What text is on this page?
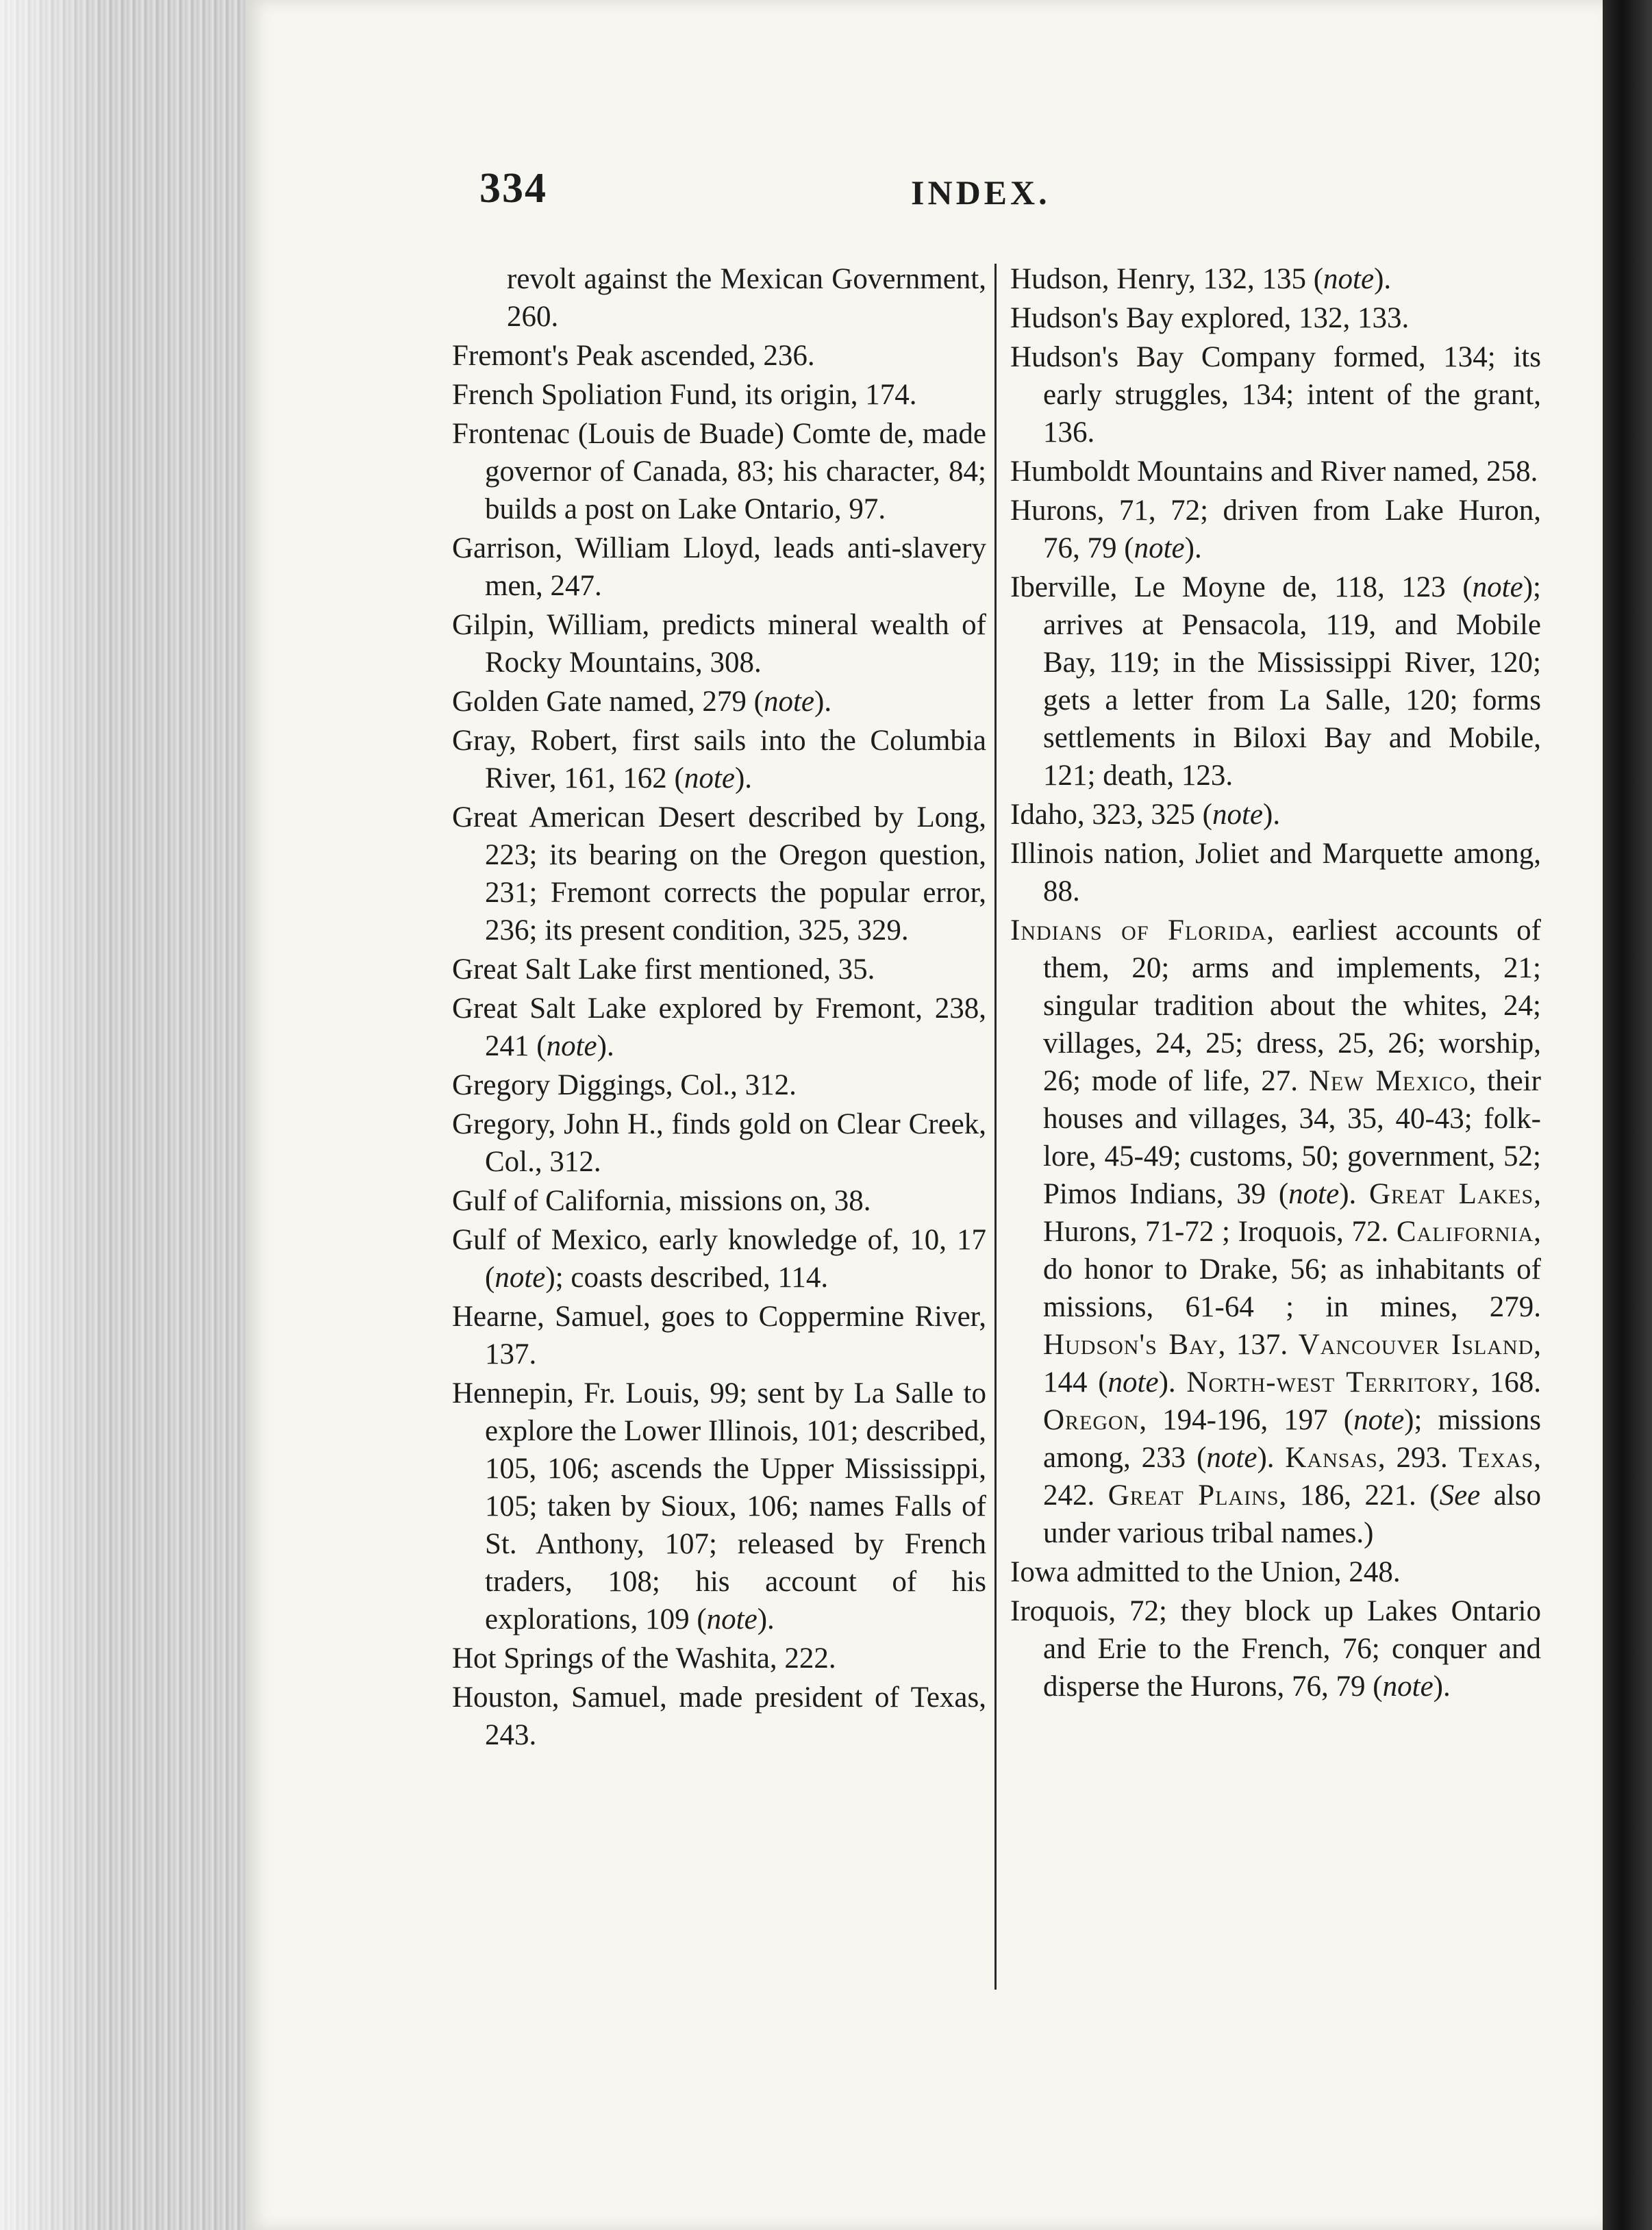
334	INDEX.

revolt against the Mexican Government, 260.

Fremont's Peak ascended, 236.

French Spoliation Fund, its origin, 174.

Frontenac (Louis de Buade) Comte de, made governor of Canada, 83; his character, 84; builds a post on Lake Ontario, 97.

Garrison, William Lloyd, leads anti-slavery men, 247.

Gilpin, William, predicts mineral wealth of Rocky Mountains, 308.

Golden Gate named, 279 (note).

Gray, Robert, first sails into the Columbia River, 161, 162 (note).

Great American Desert described by Long, 223; its bearing on the Oregon question, 231; Fremont corrects the popular error, 236; its present condition, 325, 329.

Great Salt Lake first mentioned, 35.

Great Salt Lake explored by Fremont, 238, 241 (note).

Gregory Diggings, Col., 312.

Gregory, John H., finds gold on Clear Creek, Col., 312.

Gulf of California, missions on, 38.

Gulf of Mexico, early knowledge of, 10, 17 (note); coasts described, 114.

Hearne, Samuel, goes to Coppermine River, 137.

Hennepin, Fr. Louis, 99; sent by La Salle to explore the Lower Illinois, 101; described, 105, 106; ascends the Upper Mississippi, 105; taken by Sioux, 106; names Falls of St. Anthony, 107; released by French traders, 108; his account of his explorations, 109 (note).

Hot Springs of the Washita, 222.

Houston, Samuel, made president of Texas, 243.

Hudson, Henry, 132, 135 (note).

Hudson's Bay explored, 132, 133.

Hudson's Bay Company formed, 134; its early struggles, 134; intent of the grant, 136.

Humboldt Mountains and River named, 258.

Hurons, 71, 72; driven from Lake Huron, 76, 79 (note).

Iberville, Le Moyne de, 118, 123 (note); arrives at Pensacola, 119, and Mobile Bay, 119; in the Mississippi River, 120; gets a letter from La Salle, 120; forms settlements in Biloxi Bay and Mobile, 121; death, 123.

Idaho, 323, 325 (note).

Illinois nation, Joliet and Marquette among, 88.

Indians of Florida, earliest accounts of them, 20; arms and implements, 21; singular tradition about the whites, 24; villages, 24, 25; dress, 25, 26; worship, 26; mode of life, 27. New Mexico, their houses and villages, 34, 35, 40-43; folk-lore, 45-49; customs, 50; government, 52; Pimos Indians, 39 (note). Great Lakes, Hurons, 71-72 ; Iroquois, 72. California, do honor to Drake, 56; as inhabitants of missions, 61-64 ; in mines, 279. Hudson's Bay, 137. Vancouver Island, 144 (note). North-west Territory, 168. Oregon, 194-196, 197 (note); missions among, 233 (note). Kansas, 293. Texas, 242. Great Plains, 186, 221. (See also under various tribal names.)

Iowa admitted to the Union, 248.

Iroquois, 72; they block up Lakes Ontario and Erie to the French, 76; conquer and disperse the Hurons, 76, 79 (note).
